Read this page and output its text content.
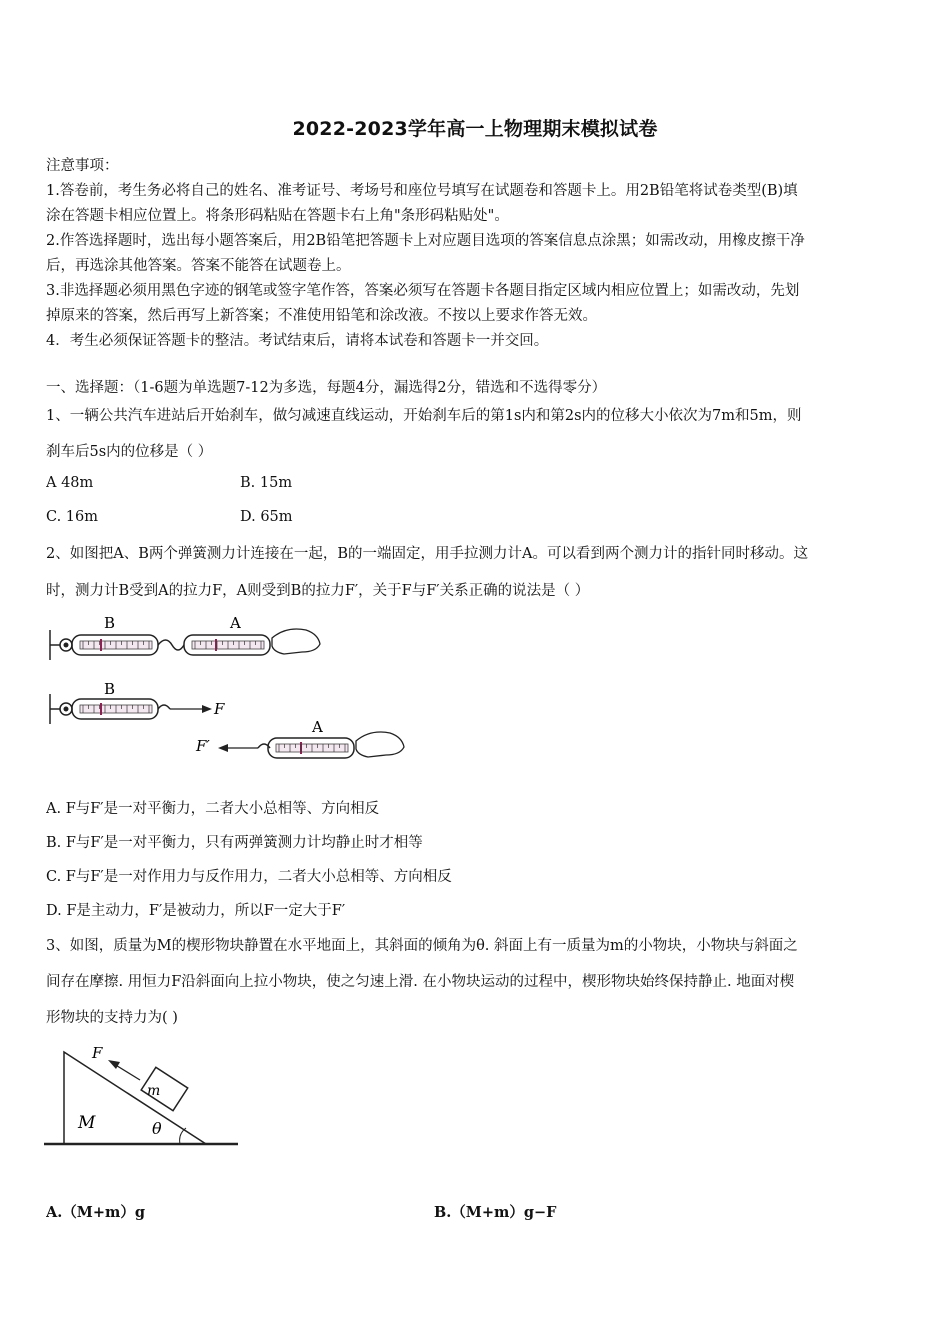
2022-2023学年高一上物理期末模拟试卷
注意事项：
1.答卷前，考生务必将自己的姓名、准考证号、考场号和座位号填写在试题卷和答题卡上。用2B铅笔将试卷类型(B)填
涂在答题卡相应位置上。将条形码粘贴在答题卡右上角"条形码粘贴处"。
2.作答选择题时，选出每小题答案后，用2B铅笔把答题卡上对应题目选项的答案信息点涂黑；如需改动，用橡皮擦干净
后，再选涂其他答案。答案不能答在试题卷上。
3.非选择题必须用黑色字迹的钢笔或签字笔作答，答案必须写在答题卡各题目指定区域内相应位置上；如需改动，先划
掉原来的答案，然后再写上新答案；不准使用铅笔和涂改液。不按以上要求作答无效。
4．考生必须保证答题卡的整洁。考试结束后，请将本试卷和答题卡一并交回。
一、选择题：（1-6题为单选题7-12为多选，每题4分，漏选得2分，错选和不选得零分）
1、一辆公共汽车进站后开始刹车，做匀减速直线运动，开始刹车后的第1s内和第2s内的位移大小依次为7m和5m，则
刹车后5s内的位移是（ ）
A 48m	B. 15m
C. 16m	D. 65m
2、如图把A、B两个弹簧测力计连接在一起，B的一端固定，用手拉测力计A。可以看到两个测力计的指针同时移动。这
时，测力计B受到A的拉力F，A则受到B的拉力F′，关于F与F′关系正确的说法是（ ）
B	A
F
B
F′
A
A. F与F′是一对平衡力，二者大小总相等、方向相反
B. F与F′是一对平衡力，只有两弹簧测力计均静止时才相等
C. F与F′是一对作用力与反作用力，二者大小总相等、方向相反
D. F是主动力，F′是被动力，所以F一定大于F′
3、如图，质量为M的楔形物块静置在水平地面上，其斜面的倾角为θ. 斜面上有一质量为m的小物块，小物块与斜面之
间存在摩擦. 用恒力F沿斜面向上拉小物块，使之匀速上滑. 在小物块运动的过程中，楔形物块始终保持静止. 地面对楔
形物块的支持力为( )
F
m
M	θ
A.（M+m）g	B.（M+m）g−F
